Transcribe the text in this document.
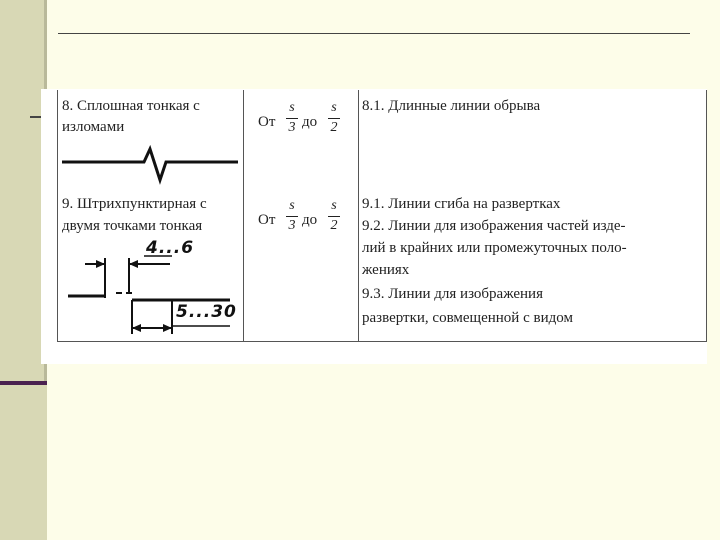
8. Сплошная тонкая с
изломами	От
s
3 до
s
2
8.1. Длинные линии обрыва
9. Штрихпунктирная с
двумя точками тонкая
4...6
5...30
От
s
3 до
s
2
9.1. Линии сгиба на развертках
9.2. Линии для изображения частей изде-
лий в крайних или промежуточных поло-
жениях
9.3. Линии для изображения
развертки, совмещенной с видом
